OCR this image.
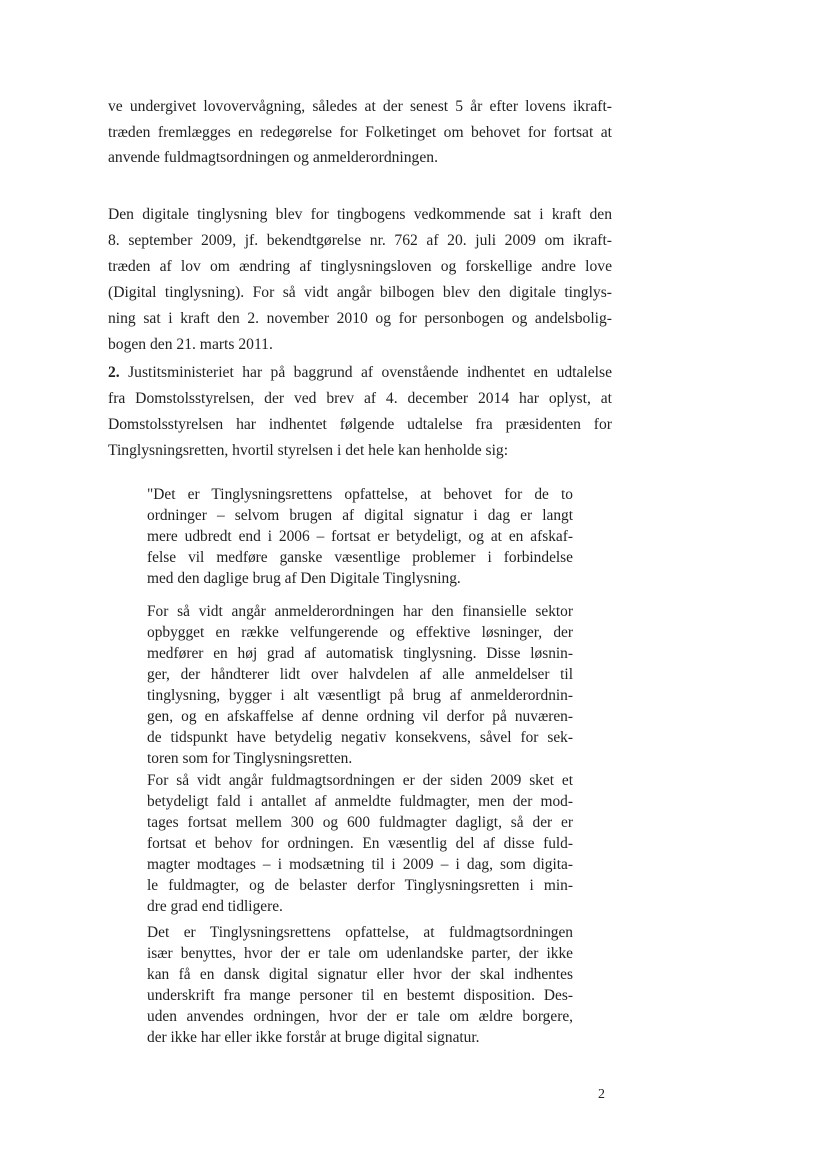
ve undergivet lovovervågning, således at der senest 5 år efter lovens ikraft-

træden fremlægges en redegørelse for Folketinget om behovet for fortsat at

anvende fuldmagtsordningen og anmelderordningen.

Den digitale tinglysning blev for tingbogens vedkommende sat i kraft den

8. september 2009, jf. bekendtgørelse nr. 762 af 20. juli 2009 om ikraft-

træden af lov om ændring af tinglysningsloven og forskellige andre love

(Digital tinglysning). For så vidt angår bilbogen blev den digitale tinglys-

ning sat i kraft den 2. november 2010 og for personbogen og andelsbolig-

bogen den 21. marts 2011.

2. Justitsministeriet har på baggrund af ovenstående indhentet en udtalelse

fra Domstolsstyrelsen, der ved brev af 4. december 2014 har oplyst, at

Domstolsstyrelsen har indhentet følgende udtalelse fra præsidenten for

Tinglysningsretten, hvortil styrelsen i det hele kan henholde sig:

"Det er Tinglysningsrettens opfattelse, at behovet for de to

ordninger – selvom brugen af digital signatur i dag er langt

mere udbredt end i 2006 – fortsat er betydeligt, og at en afskaf-

felse vil medføre ganske væsentlige problemer i forbindelse

med den daglige brug af Den Digitale Tinglysning.

For så vidt angår anmelderordningen har den finansielle sektor

opbygget en række velfungerende og effektive løsninger, der

medfører en høj grad af automatisk tinglysning. Disse løsnin-

ger, der håndterer lidt over halvdelen af alle anmeldelser til

tinglysning, bygger i alt væsentligt på brug af anmelderordnin-

gen, og en afskaffelse af denne ordning vil derfor på nuværen-

de tidspunkt have betydelig negativ konsekvens, såvel for sek-

toren som for Tinglysningsretten.

For så vidt angår fuldmagtsordningen er der siden 2009 sket et

betydeligt fald i antallet af anmeldte fuldmagter, men der mod-

tages fortsat mellem 300 og 600 fuldmagter dagligt, så der er

fortsat et behov for ordningen. En væsentlig del af disse fuld-

magter modtages – i modsætning til i 2009 – i dag, som digita-

le fuldmagter, og de belaster derfor Tinglysningsretten i min-

dre grad end tidligere.

Det er Tinglysningsrettens opfattelse, at fuldmagtsordningen

især benyttes, hvor der er tale om udenlandske parter, der ikke

kan få en dansk digital signatur eller hvor der skal indhentes

underskrift fra mange personer til en bestemt disposition. Des-

uden anvendes ordningen, hvor der er tale om ældre borgere,

der ikke har eller ikke forstår at bruge digital signatur.

2
